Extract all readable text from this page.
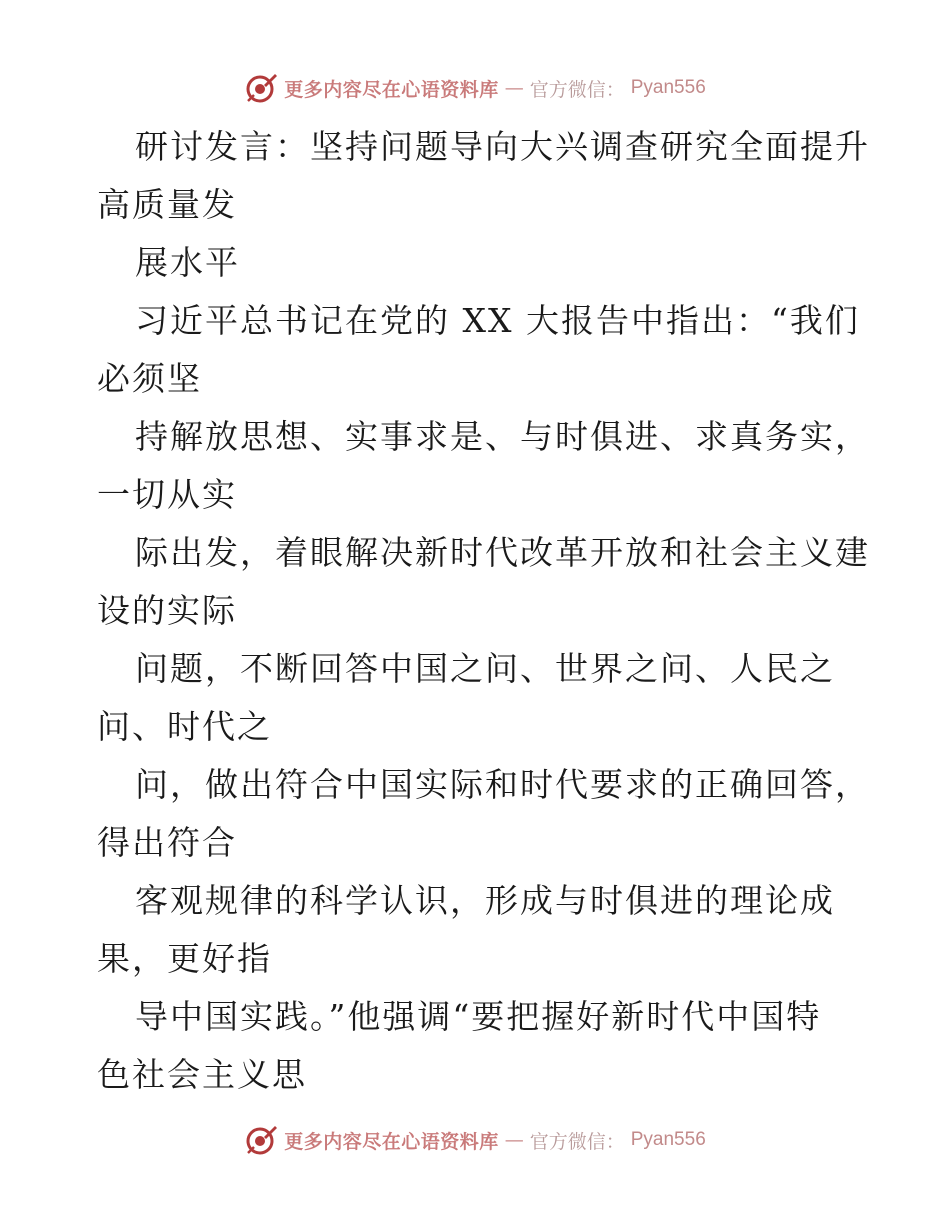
更多内容尽在心语资料库 — 官方微信： Pyan556
研讨发言：坚持问题导向大兴调查研究全面提升
高质量发
展水平
习近平总书记在党的 XX 大报告中指出：“我们
必须坚
持解放思想、实事求是、与时俱进、求真务实，
一切从实
际出发，着眼解决新时代改革开放和社会主义建
设的实际
问题，不断回答中国之问、世界之问、人民之
问、时代之
问，做出符合中国实际和时代要求的正确回答，
得出符合
客观规律的科学认识，形成与时俱进的理论成
果，更好指
导中国实践。”他强调“要把握好新时代中国特
色社会主义思
更多内容尽在心语资料库 — 官方微信： Pyan556
